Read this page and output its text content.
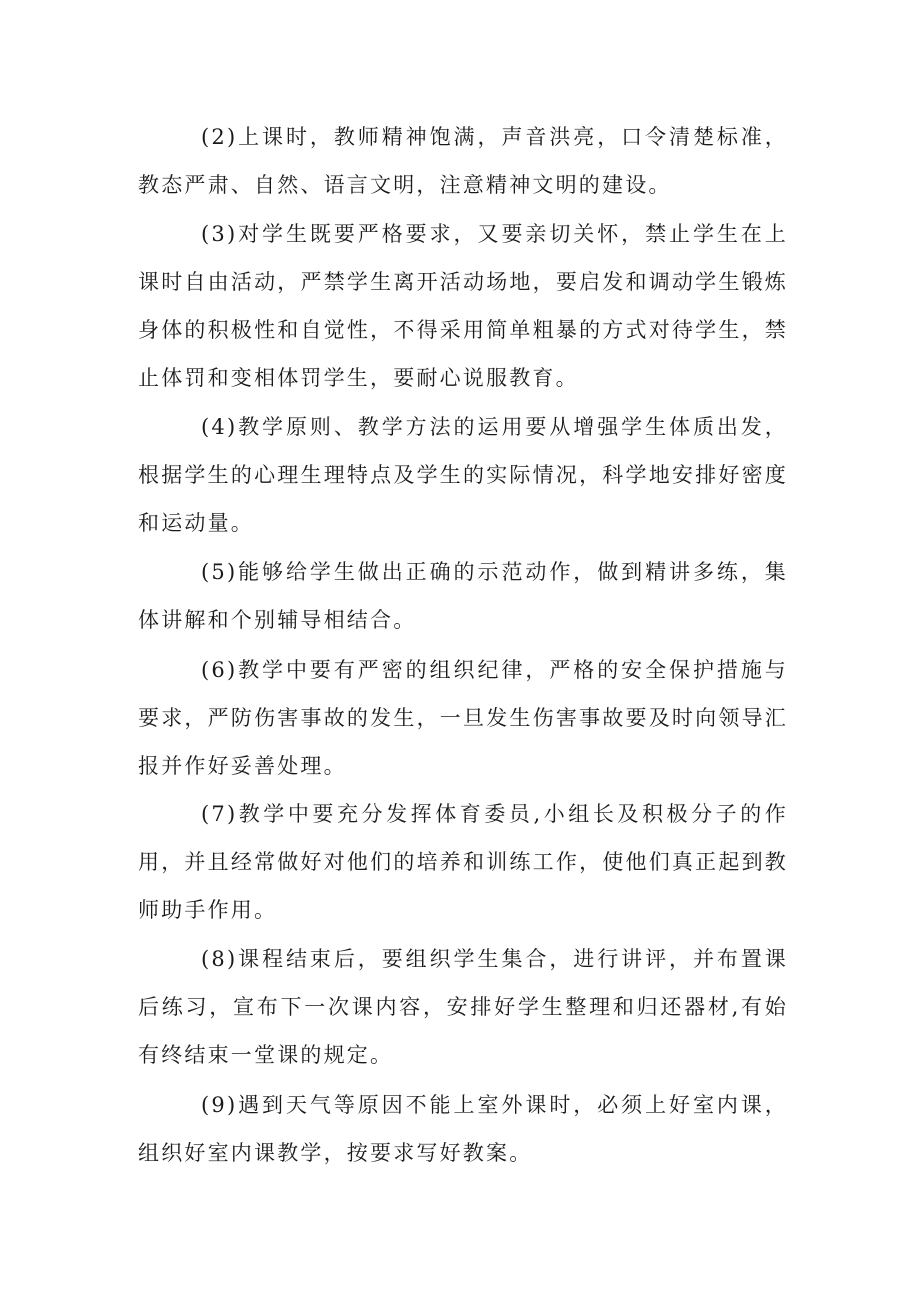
(2)上课时，教师精神饱满，声音洪亮，口令清楚标准，教态严肃、自然、语言文明，注意精神文明的建设。

(3)对学生既要严格要求，又要亲切关怀，禁止学生在上课时自由活动，严禁学生离开活动场地，要启发和调动学生锻炼身体的积极性和自觉性，不得采用简单粗暴的方式对待学生，禁止体罚和变相体罚学生，要耐心说服教育。

(4)教学原则、教学方法的运用要从增强学生体质出发，根据学生的心理生理特点及学生的实际情况，科学地安排好密度和运动量。

(5)能够给学生做出正确的示范动作，做到精讲多练，集体讲解和个别辅导相结合。

(6)教学中要有严密的组织纪律，严格的安全保护措施与要求，严防伤害事故的发生，一旦发生伤害事故要及时向领导汇报并作好妥善处理。

(7)教学中要充分发挥体育委员,小组长及积极分子的作用，并且经常做好对他们的培养和训练工作，使他们真正起到教师助手作用。

(8)课程结束后，要组织学生集合，进行讲评，并布置课后练习，宣布下一次课内容，安排好学生整理和归还器材,有始有终结束一堂课的规定。

(9)遇到天气等原因不能上室外课时，必须上好室内课，组织好室内课教学，按要求写好教案。
